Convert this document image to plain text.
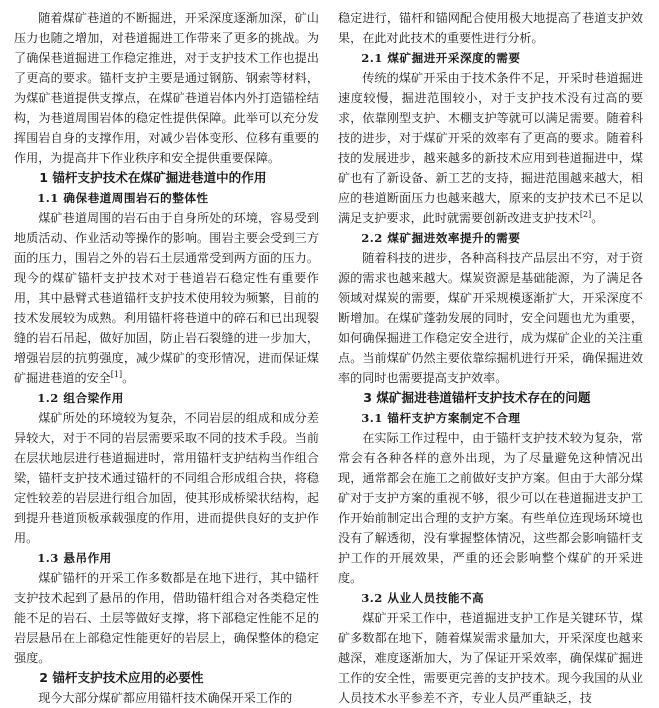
随着煤矿巷道的不断掘进，开采深度逐渐加深，矿山压力也随之增加，对巷道掘进工作带来了更多的挑战。为了确保巷道掘进工作稳定推进，对于支护技术工作也提出了更高的要求。锚杆支护主要是通过钢筋、钢索等材料，为煤矿巷道提供支撑点，在煤矿巷道岩体内外打造锚栓结构，为巷道周围岩体的稳定性提供保障。此举可以充分发挥围岩自身的支撑作用，对减少岩体变形、位移有重要的作用，为提高井下作业秩序和安全提供重要保障。

1 锚杆支护技术在煤矿掘进巷道中的作用
1.1 确保巷道周围岩石的整体性

煤矿巷道周围的岩石由于自身所处的环境，容易受到地质活动、作业活动等操作的影响。围岩主要会受到三方面的压力，围岩之外的岩石土层通常受到两方面的压力。现今的煤矿锚杆支护技术对于巷道岩石稳定性有重要作用，其中悬臂式巷道锚杆支护技术使用较为频繁，目前的技术发展较为成熟。利用锚杆将巷道中的碎石和已出现裂缝的岩石吊起，做好加固，防止岩石裂缝的进一步加大，增强岩层的抗剪强度，减少煤矿的变形情况，进而保证煤矿掘进巷道的安全[1]。

1.2 组合梁作用

煤矿所处的环境较为复杂，不同岩层的组成和成分差异较大，对于不同的岩层需要采取不同的技术手段。当前在层状地层进行巷道掘进时，常用锚杆支护结构当作组合梁，锚杆支护技术通过锚杆的不同组合形成组合抉，将稳定性较差的岩层进行组合加固，使其形成桥梁状结构，起到提升巷道顶板承载强度的作用，进而提供良好的支护作用。

1.3 悬吊作用

煤矿锚杆的开采工作多数都是在地下进行，其中锚杆支护技术起到了悬吊的作用，借助锚杆组合对各类稳定性能不足的岩石、土层等做好支撑，将下部稳定性能不足的岩层悬吊在上部稳定性能更好的岩层上，确保整体的稳定强度。

2 锚杆支护技术应用的必要性

现今大部分煤矿都应用锚杆技术确保开采工作的

稳定进行，锚杆和锚网配合使用极大地提高了巷道支护效果，在此对此技术的重要性进行分析。

2.1 煤矿掘进开采深度的需要

传统的煤矿开采由于技术条件不足，开采时巷道掘进速度较慢，掘进范围较小，对于支护技术没有过高的要求，依靠刚型支护、木棚支护等就可以满足需要。随着科技的进步，对于煤矿开采的效率有了更高的要求。随着科技的发展进步，越来越多的新技术应用到巷道掘进中，煤矿也有了新设备、新工艺的支持，掘进范围越来越大，相应的巷道断面压力也越来越大，原来的支护技术已不足以满足支护要求，此时就需要创新改进支护技术[2]。

2.2 煤矿掘进效率提升的需要

随着科技的进步，各种高科技产品层出不穷，对于资源的需求也越来越大。煤炭资源是基础能源，为了满足各领域对煤炭的需要，煤矿开采规模逐渐扩大，开采深度不断增加。在煤矿蓬勃发展的同时，安全问题也尤为重要，如何确保掘进工作稳定安全进行，成为煤矿企业的关注重点。当前煤矿仍然主要依靠综掘机进行开采，确保掘进效率的同时也需要提高支护效率。

3 煤矿掘进巷道锚杆支护技术存在的问题
3.1 锚杆支护方案制定不合理

在实际工作过程中，由于锚杆支护技术较为复杂，常常会有各种各样的意外出现，为了尽量避免这种情况出现，通常都会在施工之前做好支护方案。但由于大部分煤矿对于支护方案的重视不够，很少可以在巷道掘进支护工作开始前制定出合理的支护方案。有些单位连现场环境也没有了解透彻，没有掌握整体情况，这些都会影响锚杆支护工作的开展效果，严重的还会影响整个煤矿的开采进度。

3.2 从业人员技能不高

煤矿开采工作中，巷道掘进支护工作是关键环节，煤矿多数都在地下，随着煤炭需求量加大，开采深度也越来越深，难度逐渐加大，为了保证开采效率，确保煤矿掘进工作的安全性，需要更完善的支护技术。现今我国的从业人员技术水平参差不齐，专业人员严重缺乏，技
